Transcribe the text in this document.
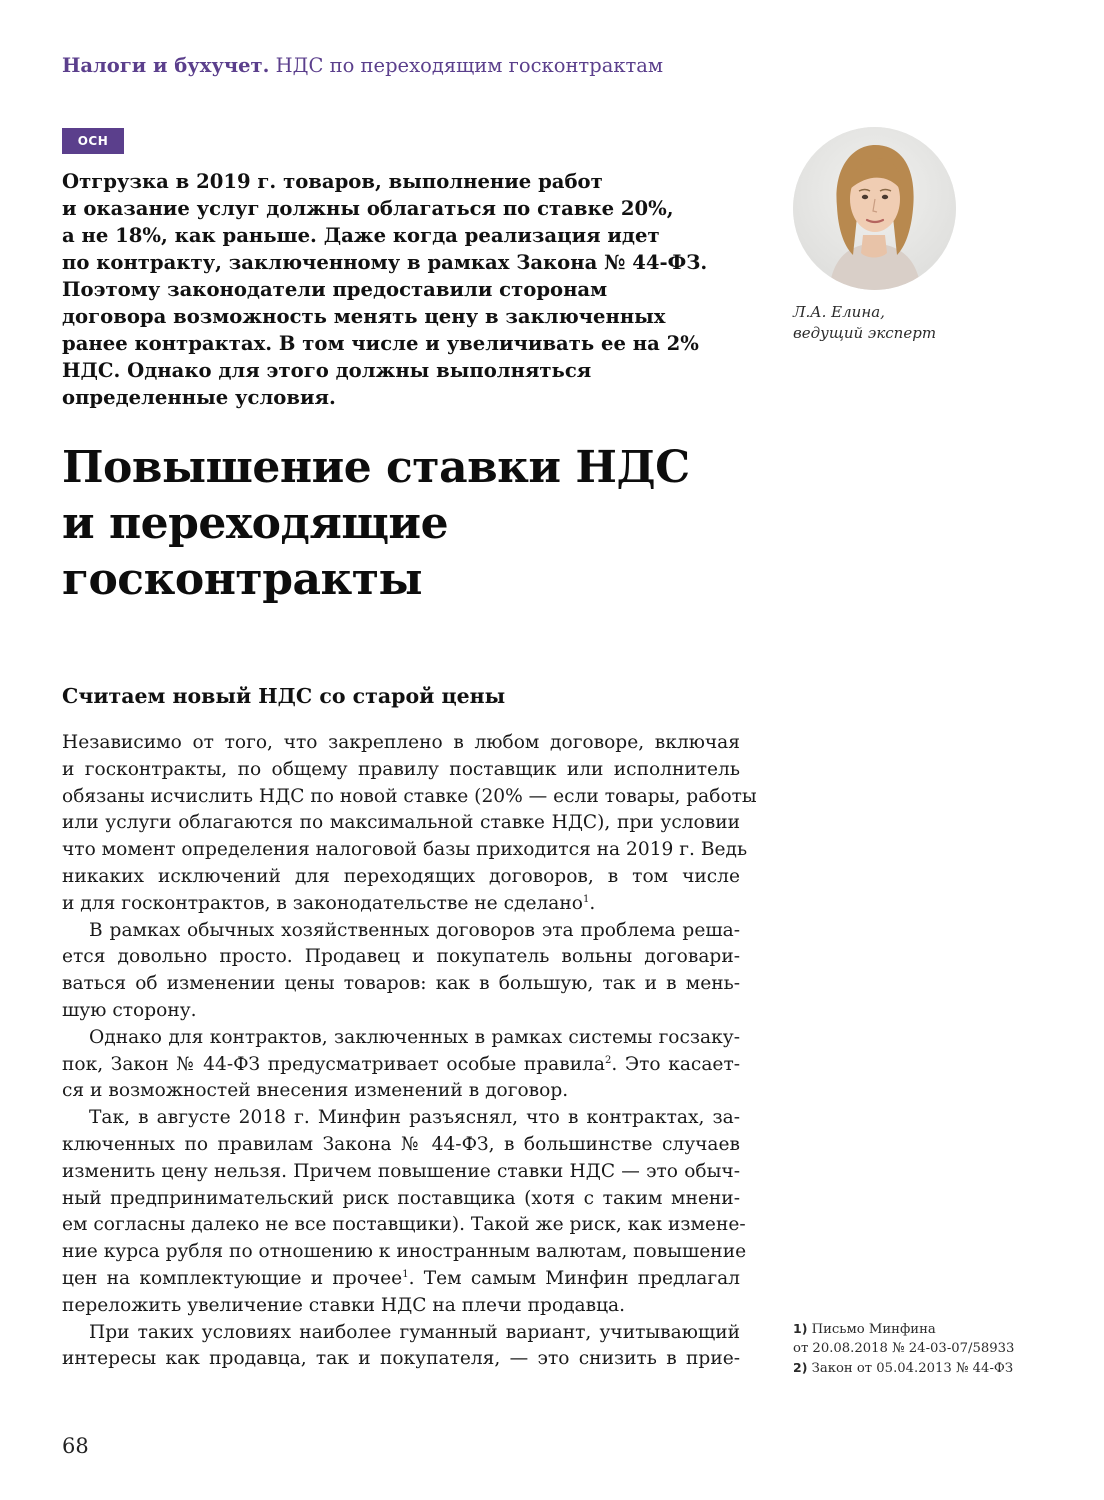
Налоги и бухучет. НДС по переходящим госконтрактам
ОСН
Отгрузка в 2019 г. товаров, выполнение работ
и оказание услуг должны облагаться по ставке 20%,
а не 18%, как раньше. Даже когда реализация идет
по контракту, заключенному в рамках Закона № 44-ФЗ.
Поэтому законодатели предоставили сторонам
договора возможность менять цену в заключенных
ранее контрактах. В том числе и увеличивать ее на 2%
НДС. Однако для этого должны выполняться
определенные условия.
Л.А. Елина,
ведущий эксперт
Повышение ставки НДС
и переходящие
госконтракты
Считаем новый НДС со старой цены
Независимо от того, что закреплено в любом договоре, включая
и госконтракты, по общему правилу поставщик или исполнитель
обязаны исчислить НДС по новой ставке (20% — если товары, работы
или услуги облагаются по максимальной ставке НДС), при условии
что момент определения налоговой базы приходится на 2019 г. Ведь
никаких исключений для переходящих договоров, в том числе
и для госконтрактов, в законодательстве не сделано$^1$.
В рамках обычных хозяйственных договоров эта проблема реша-
ется довольно просто. Продавец и покупатель вольны договари-
ваться об изменении цены товаров: как в большую, так и в мень-
шую сторону.
Однако для контрактов, заключенных в рамках системы госзаку-
пок, Закон № 44-ФЗ предусматривает особые правила$^2$. Это касает-
ся и возможностей внесения изменений в договор.
Так, в августе 2018 г. Минфин разъяснял, что в контрактах, за-
ключенных по правилам Закона № 44-ФЗ, в большинстве случаев
изменить цену нельзя. Причем повышение ставки НДС — это обыч-
ный предпринимательский риск поставщика (хотя с таким мнени-
ем согласны далеко не все поставщики). Такой же риск, как измене-
ние курса рубля по отношению к иностранным валютам, повышение
цен на комплектующие и прочее$^1$. Тем самым Минфин предлагал
переложить увеличение ставки НДС на плечи продавца.
При таких условиях наиболее гуманный вариант, учитывающий
интересы как продавца, так и покупателя, — это снизить в прие-
1) Письмо Минфина
от 20.08.2018 № 24-03-07/58933
2) Закон от 05.04.2013 № 44-ФЗ
68
